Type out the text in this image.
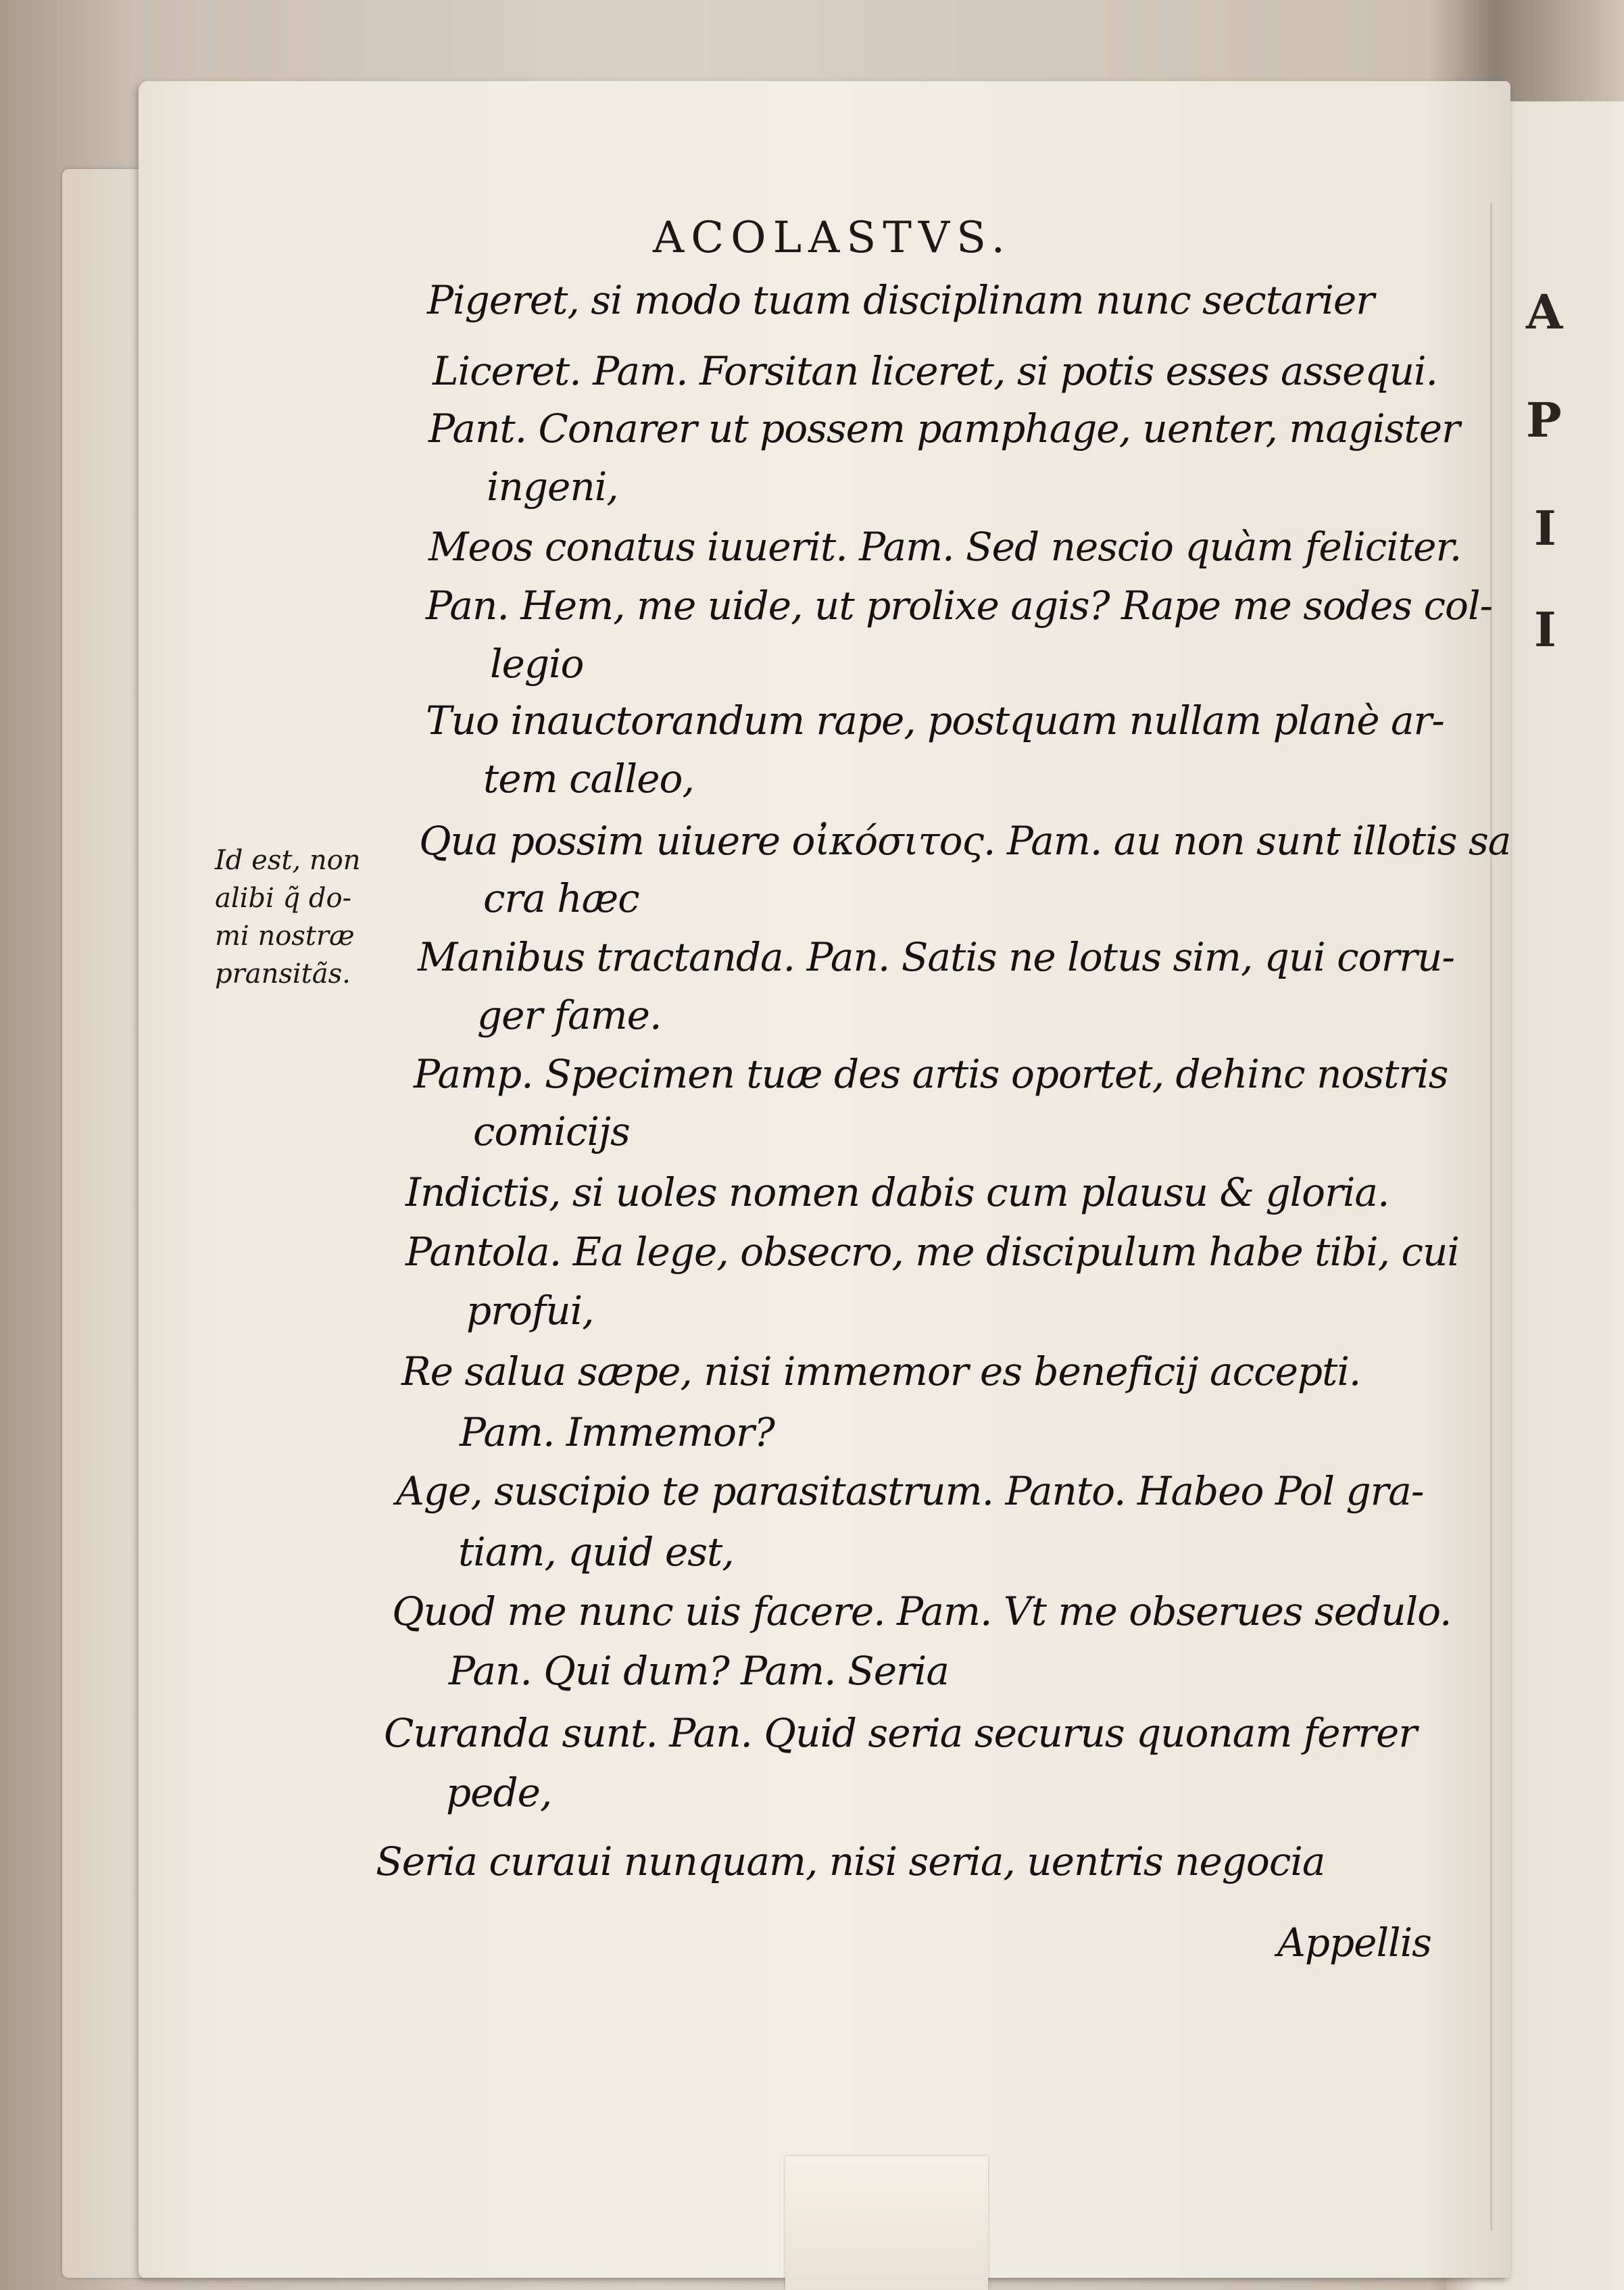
A
P
I
I
ACOLASTVS.
Id est, non
alibi q̃ do-
mi nostræ
pransitãs.
Pigeret, si modo tuam disciplinam nunc sectarier
Liceret. Pam. Forsitan liceret, si potis esses assequi.
Pant. Conarer ut possem pamphage, uenter, magister
ingeni,
Meos conatus iuuerit. Pam. Sed nescio quàm feliciter.
Pan. Hem, me uide, ut prolixe agis? Rape me sodes col-
legio
Tuo inauctorandum rape, postquam nullam planè ar-
tem calleo,
Qua possim uiuere οἰκόσιτος. Pam. au non sunt illotis sa
cra hæc
Manibus tractanda. Pan. Satis ne lotus sim, qui corru-
ger fame.
Pamp. Specimen tuæ des artis oportet, dehinc nostris
comicijs
Indictis, si uoles nomen dabis cum plausu & gloria.
Pantola. Ea lege, obsecro, me discipulum habe tibi, cui
profui,
Re salua sæpe, nisi immemor es beneficij accepti.
Pam. Immemor?
Age, suscipio te parasitastrum. Panto. Habeo Pol gra-
tiam, quid est,
Quod me nunc uis facere. Pam. Vt me obserues sedulo.
Pan. Qui dum? Pam. Seria
Curanda sunt. Pan. Quid seria securus quonam ferrer
pede,
Seria curaui nunquam, nisi seria, uentris negocia
Appellis
